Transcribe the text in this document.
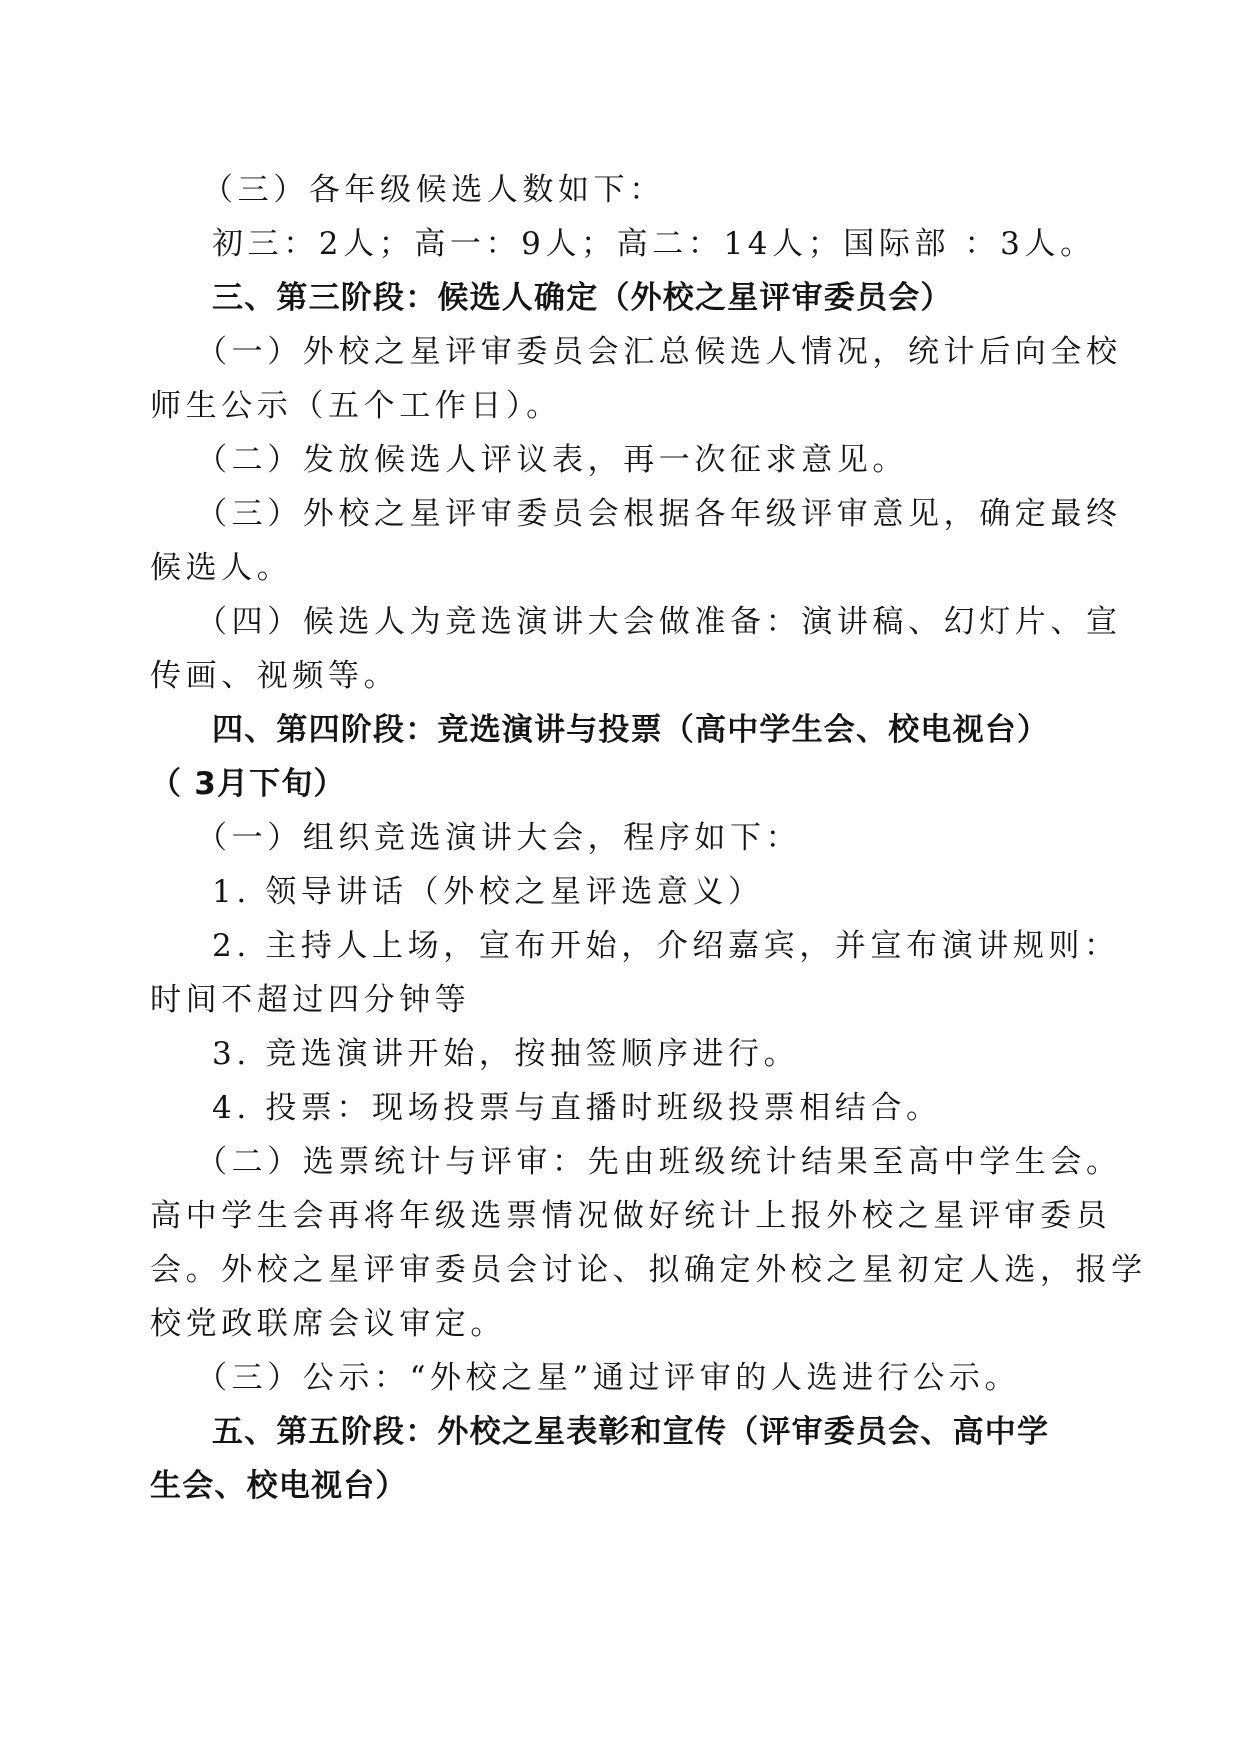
（三）各年级候选人数如下：
初三：2人；高一：9人；高二：14人；国际部 ：3人。
三、第三阶段：候选人确定（外校之星评审委员会）
（一）外校之星评审委员会汇总候选人情况，统计后向全校
师生公示（五个工作日）。
（二）发放候选人评议表，再一次征求意见。
（三）外校之星评审委员会根据各年级评审意见，确定最终
候选人。
（四）候选人为竞选演讲大会做准备：演讲稿、幻灯片、宣
传画、视频等。
四、第四阶段：竞选演讲与投票（高中学生会、校电视台）
（ 3月下旬）
（一）组织竞选演讲大会，程序如下：
1. 领导讲话（外校之星评选意义）
2. 主持人上场，宣布开始，介绍嘉宾，并宣布演讲规则：
时间不超过四分钟等
3. 竞选演讲开始，按抽签顺序进行。
4. 投票：现场投票与直播时班级投票相结合。
（二）选票统计与评审：先由班级统计结果至高中学生会。
高中学生会再将年级选票情况做好统计上报外校之星评审委员
会。外校之星评审委员会讨论、拟确定外校之星初定人选，报学
校党政联席会议审定。
（三）公示：“外校之星”通过评审的人选进行公示。
五、第五阶段：外校之星表彰和宣传（评审委员会、高中学
生会、校电视台）
